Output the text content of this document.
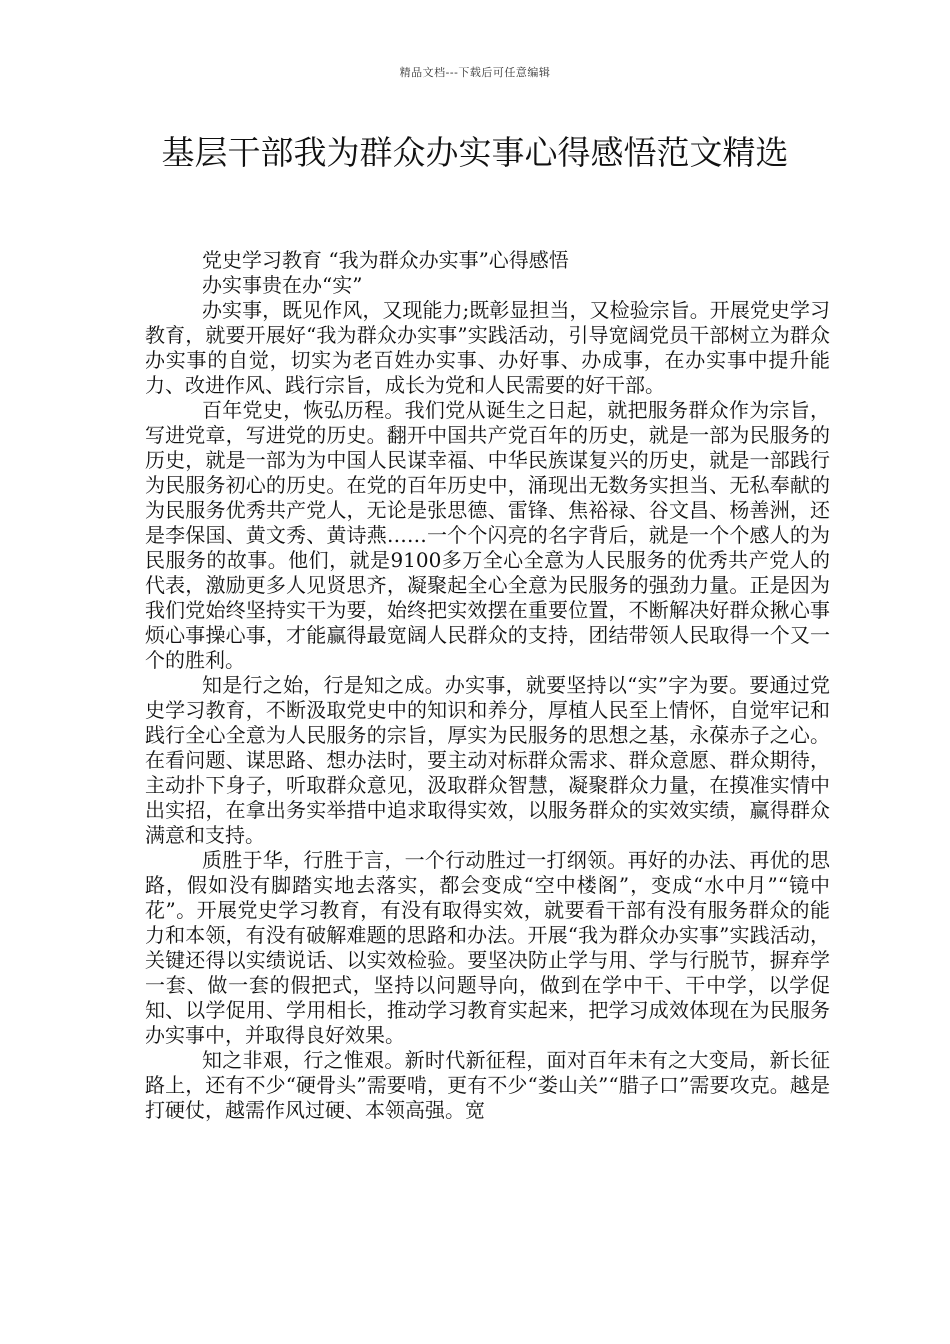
精品文档---下载后可任意编辑
基层干部我为群众办实事心得感悟范文精选

党史学习教育 “我为群众办实事”心得感悟

办实事贵在办“实”

办实事，既见作风，又现能力;既彰显担当，又检验宗旨。开展党史学习教育，就要开展好“我为群众办实事”实践活动，引导宽阔党员干部树立为群众办实事的自觉，切实为老百姓办实事、办好事、办成事，在办实事中提升能力、改进作风、践行宗旨，成长为党和人民需要的好干部。

百年党史，恢弘历程。我们党从诞生之日起，就把服务群众作为宗旨，写进党章，写进党的历史。翻开中国共产党百年的历史，就是一部为民服务的历史，就是一部为为中国人民谋幸福、中华民族谋复兴的历史，就是一部践行为民服务初心的历史。在党的百年历史中，涌现出无数务实担当、无私奉献的为民服务优秀共产党人，无论是张思德、雷锋、焦裕禄、谷文昌、杨善洲，还是李保国、黄文秀、黄诗燕……一个个闪亮的名字背后，就是一个个感人的为民服务的故事。他们，就是9100多万全心全意为人民服务的优秀共产党人的代表，激励更多人见贤思齐，凝聚起全心全意为民服务的强劲力量。正是因为我们党始终坚持实干为要，始终把实效摆在重要位置，不断解决好群众揪心事烦心事操心事，才能赢得最宽阔人民群众的支持，团结带领人民取得一个又一个的胜利。

知是行之始，行是知之成。办实事，就要坚持以“实”字为要。要通过党史学习教育，不断汲取党史中的知识和养分，厚植人民至上情怀，自觉牢记和践行全心全意为人民服务的宗旨，厚实为民服务的思想之基，永葆赤子之心。在看问题、谋思路、想办法时，要主动对标群众需求、群众意愿、群众期待，主动扑下身子，听取群众意见，汲取群众智慧，凝聚群众力量，在摸准实情中出实招，在拿出务实举措中追求取得实效，以服务群众的实效实绩，赢得群众满意和支持。

质胜于华，行胜于言，一个行动胜过一打纲领。再好的办法、再优的思路，假如没有脚踏实地去落实，都会变成“空中楼阁”，变成“水中月”“镜中花”。开展党史学习教育，有没有取得实效，就要看干部有没有服务群众的能力和本领，有没有破解难题的思路和办法。开展“我为群众办实事”实践活动，关键还得以实绩说话、以实效检验。要坚决防止学与用、学与行脱节，摒弃学一套、做一套的假把式，坚持以问题导向，做到在学中干、干中学，以学促知、以学促用、学用相长，推动学习教育实起来，把学习成效体现在为民服务办实事中，并取得良好效果。

知之非艰，行之惟艰。新时代新征程，面对百年未有之大变局，新长征路上，还有不少“硬骨头”需要啃，更有不少“娄山关”“腊子口”需要攻克。越是打硬仗，越需作风过硬、本领高强。宽
